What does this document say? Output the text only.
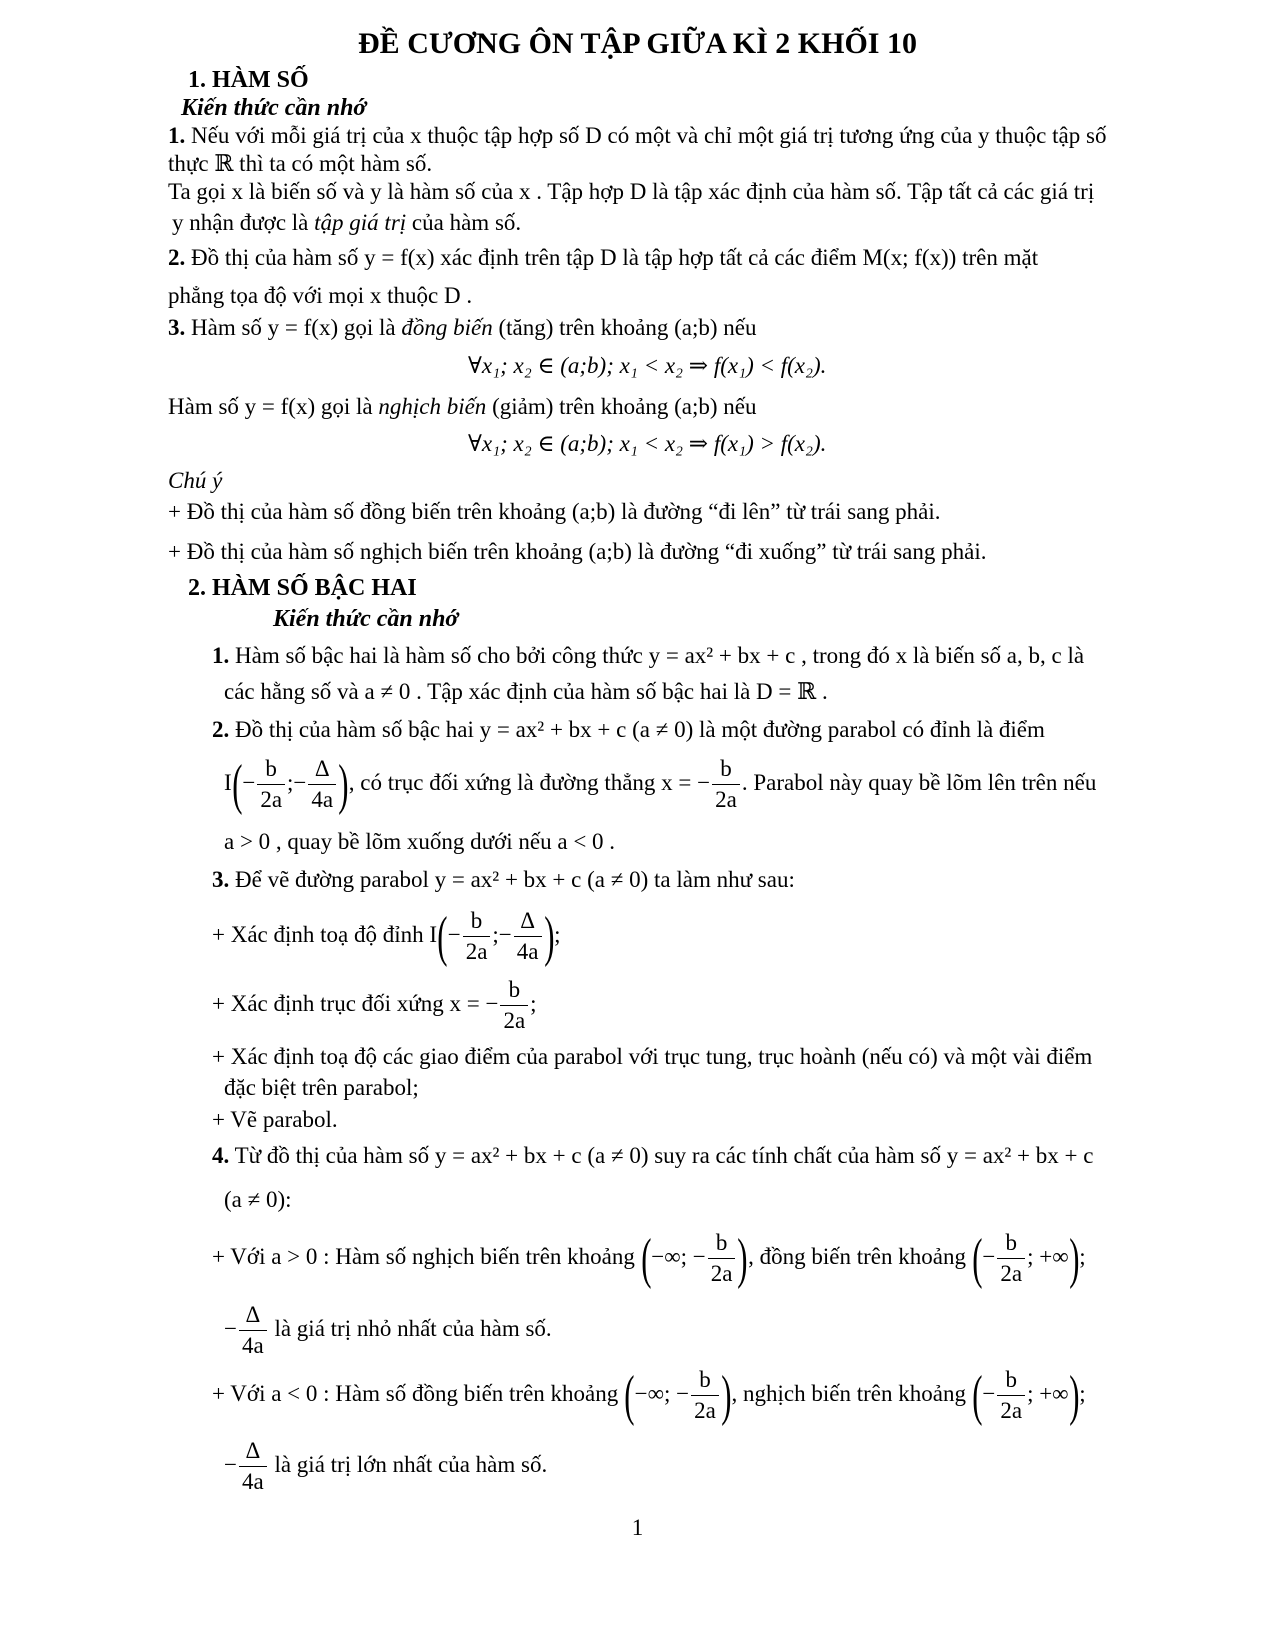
ĐỀ CƯƠNG ÔN TẬP GIỮA KÌ 2 KHỐI 10
1. HÀM SỐ
Kiến thức cần nhớ
1. Nếu với mỗi giá trị của x thuộc tập hợp số D có một và chỉ một giá trị tương ứng của y thuộc tập số
thực ℝ thì ta có một hàm số.
Ta gọi x là biến số và y là hàm số của x . Tập hợp D là tập xác định của hàm số. Tập tất cả các giá trị
y nhận được là tập giá trị của hàm số.
2. Đồ thị của hàm số y = f(x) xác định trên tập D là tập hợp tất cả các điểm M(x; f(x)) trên mặt
phẳng tọa độ với mọi x thuộc D .
3. Hàm số y = f(x) gọi là đồng biến (tăng) trên khoảng (a;b) nếu
∀x₁; x₂ ∈ (a;b); x₁ < x₂ ⇒ f(x₁) < f(x₂).
Hàm số y = f(x) gọi là nghịch biến (giảm) trên khoảng (a;b) nếu
∀x₁; x₂ ∈ (a;b); x₁ < x₂ ⇒ f(x₁) > f(x₂).
Chú ý
+ Đồ thị của hàm số đồng biến trên khoảng (a;b) là đường “đi lên” từ trái sang phải.
+ Đồ thị của hàm số nghịch biến trên khoảng (a;b) là đường “đi xuống” từ trái sang phải.
2. HÀM SỐ BẬC HAI
Kiến thức cần nhớ
1. Hàm số bậc hai là hàm số cho bởi công thức y = ax² + bx + c , trong đó x là biến số a, b, c là
các hằng số và a ≠ 0 . Tập xác định của hàm số bậc hai là D = ℝ .
2. Đồ thị của hàm số bậc hai y = ax² + bx + c (a ≠ 0) là một đường parabol có đỉnh là điểm
$I(- \frac{b}{2a}$ ;− $\frac{\Delta}{4a}$ ), có trục đối xứng là đường thẳng x = − $\frac{b}{2a}$ . Parabol này quay bề lõm lên trên nếu
a > 0 , quay bề lõm xuống dưới nếu a < 0 .
3. Để vẽ đường parabol y = ax² + bx + c (a ≠ 0) ta làm như sau:
+ Xác định toạ độ đỉnh $I(- \frac{b}{2a}$ ;− $\frac{\Delta}{4a}$ );
+ Xác định trục đối xứng x = − $\frac{b}{2a}$ ;
+ Xác định toạ độ các giao điểm của parabol với trục tung, trục hoành (nếu có) và một vài điểm
đặc biệt trên parabol;
+ Vẽ parabol.
4. Từ đồ thị của hàm số y = ax² + bx + c (a ≠ 0) suy ra các tính chất của hàm số y = ax² + bx + c
(a ≠ 0):
+ Với a > 0 : Hàm số nghịch biến trên khoảng (−∞; − $\frac{b}{2a}$ ), đồng biến trên khoảng (− $\frac{b}{2a}$ ; +∞);
− $\frac{\Delta}{4a}$ là giá trị nhỏ nhất của hàm số.
+ Với a < 0 : Hàm số đồng biến trên khoảng (−∞; − $\frac{b}{2a}$ ), nghịch biến trên khoảng (− $\frac{b}{2a}$ ; +∞);
− $\frac{\Delta}{4a}$ là giá trị lớn nhất của hàm số.
1
